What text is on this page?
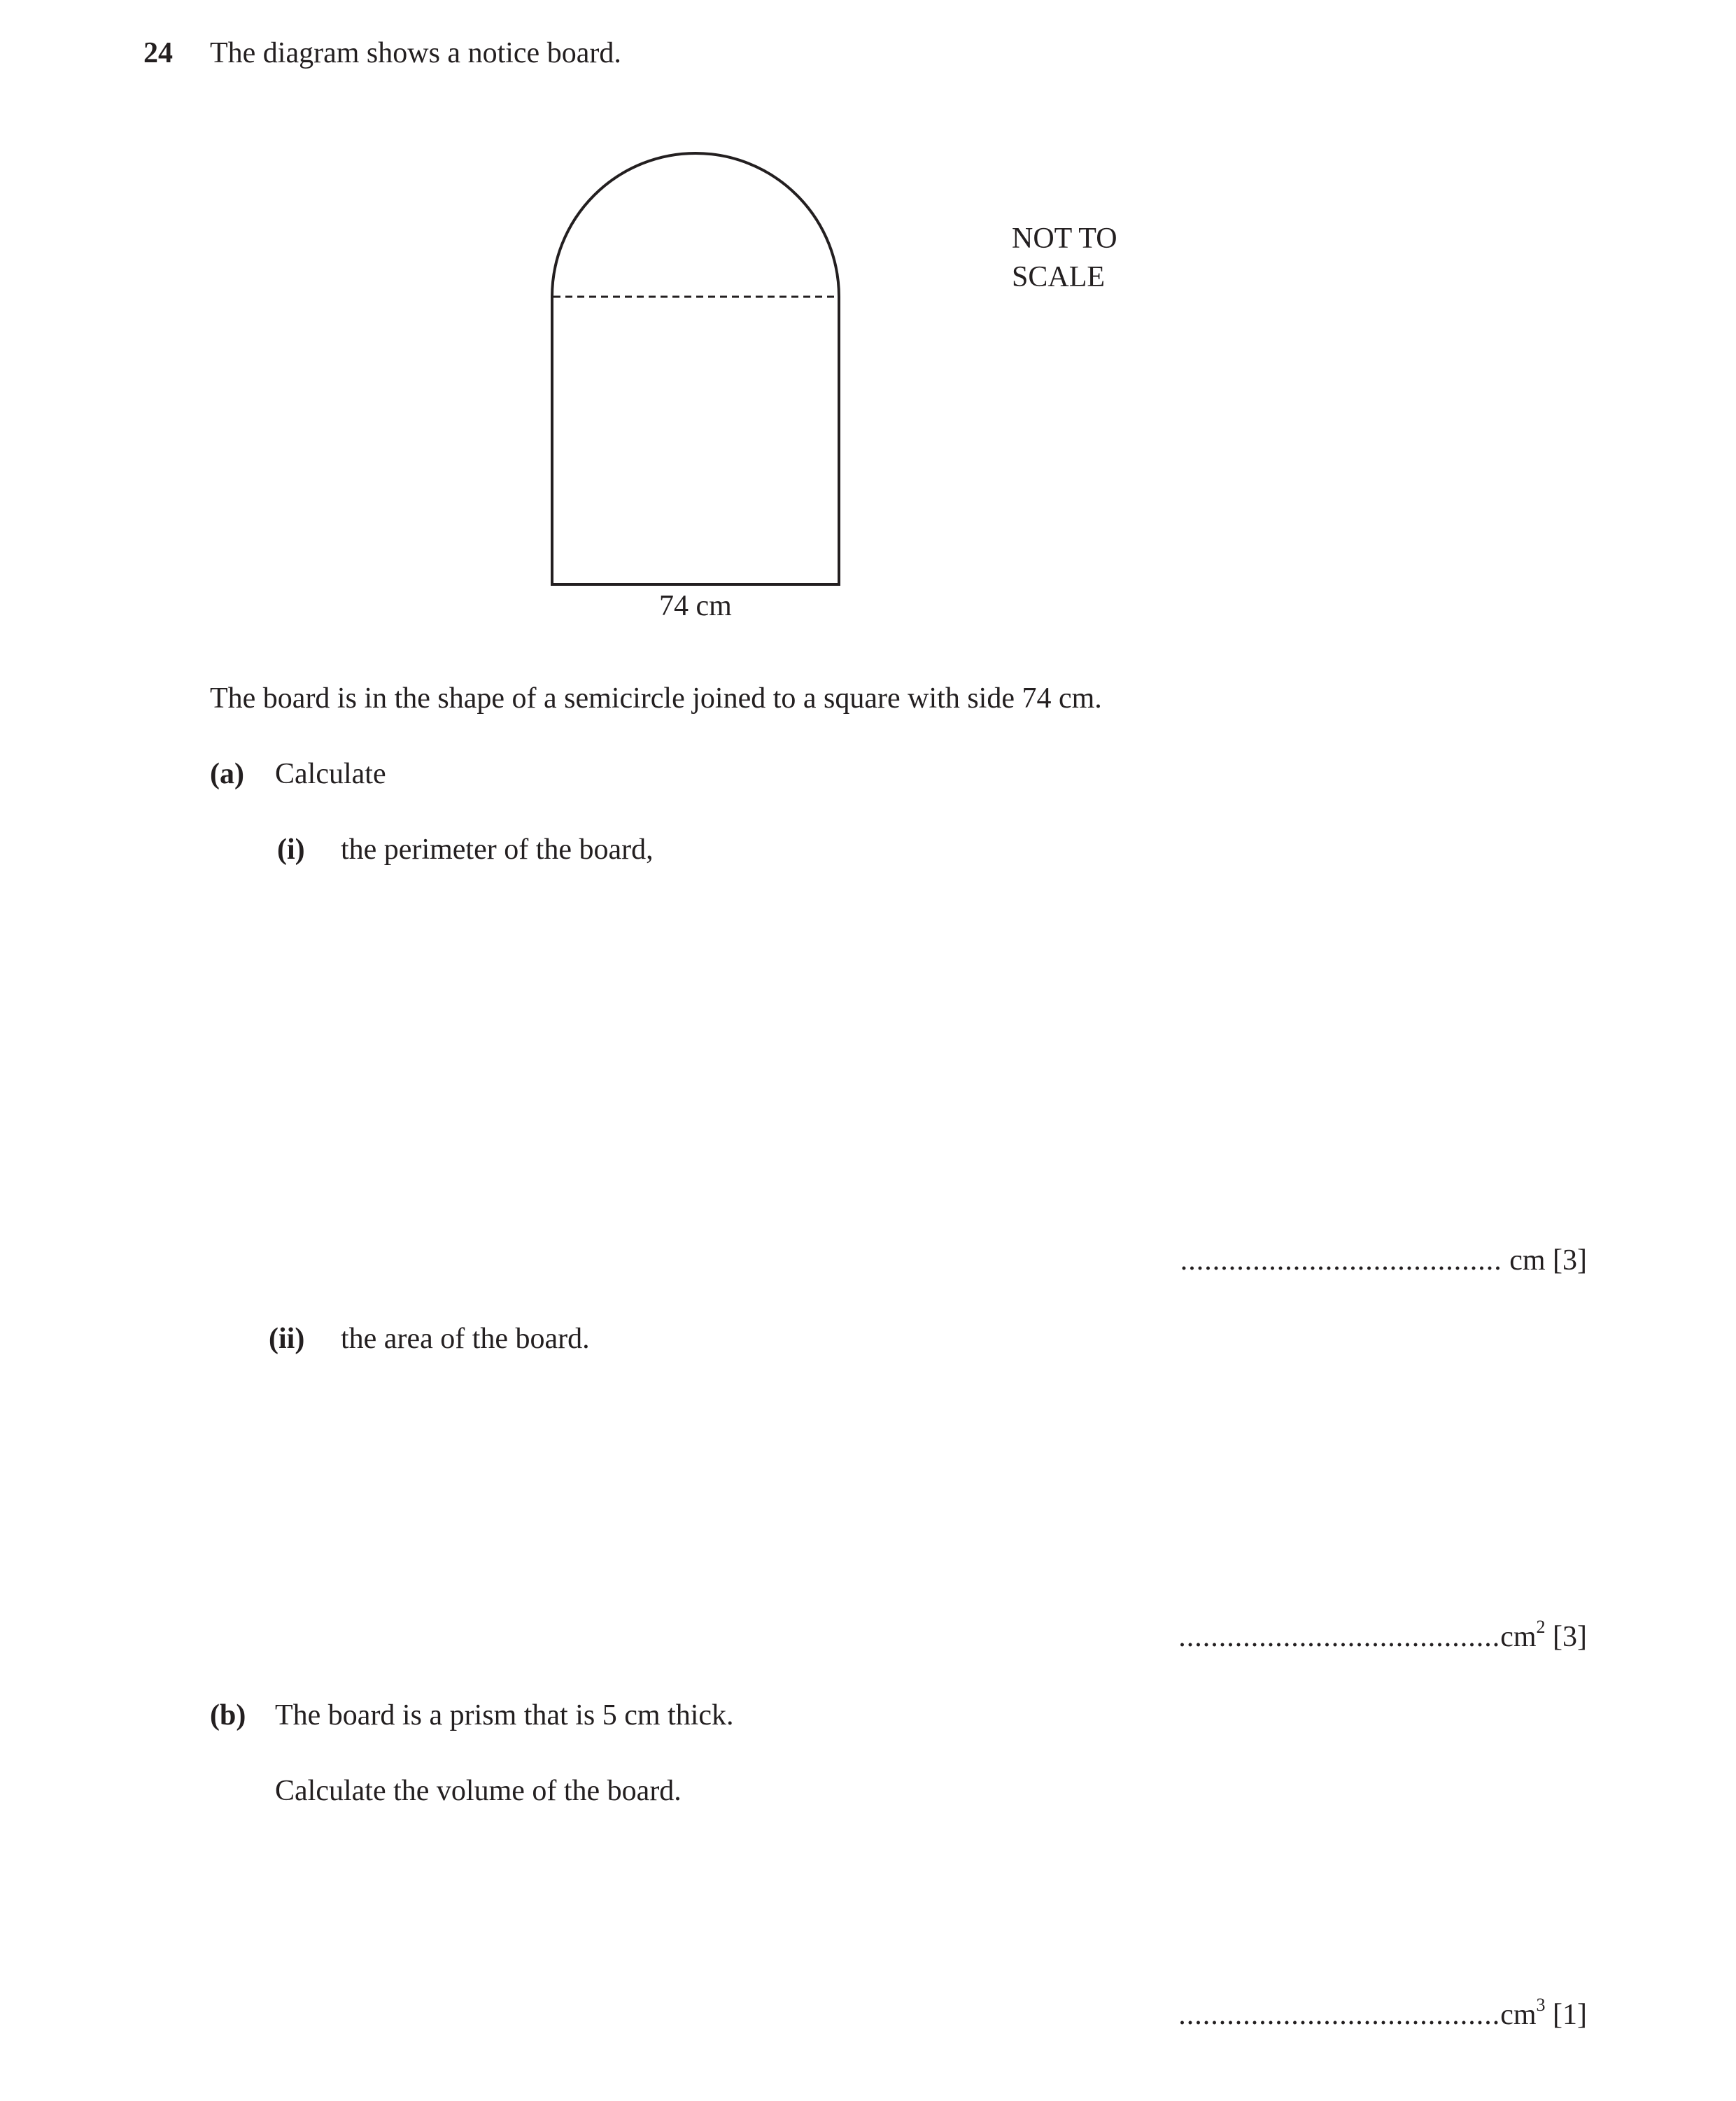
24 The diagram shows a notice board.
NOT TO
SCALE
74 cm
The board is in the shape of a semicircle joined to a square with side 74 cm.
(a) Calculate
(i) the perimeter of the board,
........................................ cm [3]
(ii) the area of the board.
$........................................cm^2$ [3]
(b) The board is a prism that is 5 cm thick.
Calculate the volume of the board.
$........................................cm^3$ [1]
